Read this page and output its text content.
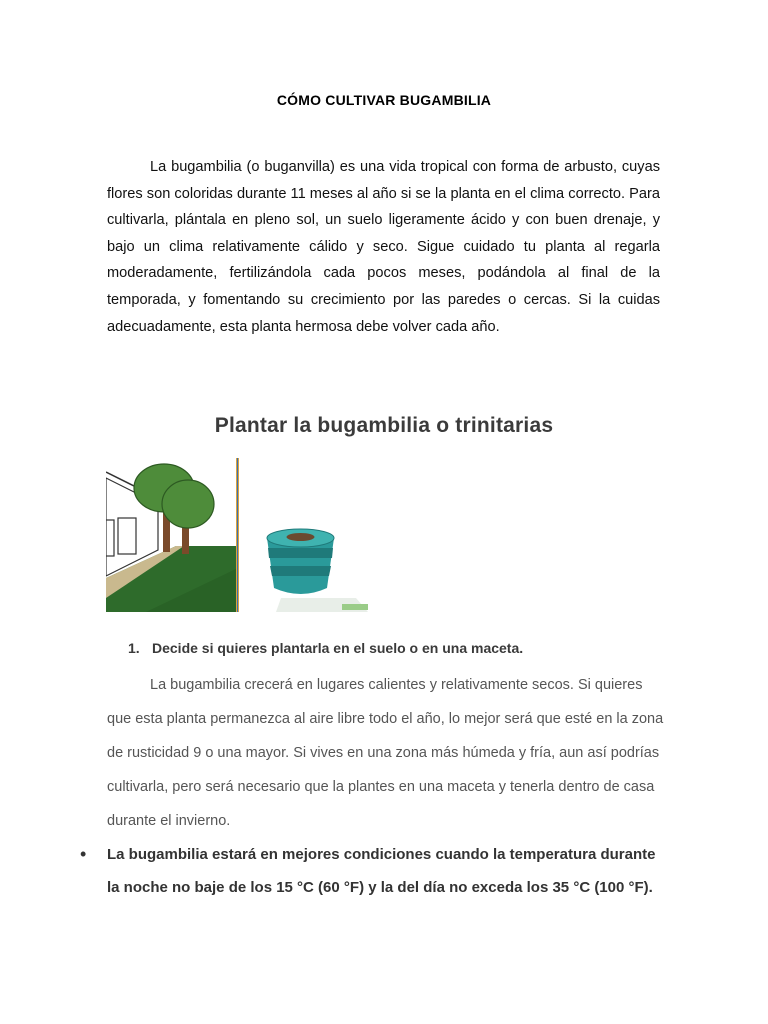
CÓMO CULTIVAR BUGAMBILIA

La bugambilia (o buganvilla) es una vida tropical con forma de arbusto, cuyas flores son coloridas durante 11 meses al año si se la planta en el clima correcto. Para cultivarla, plántala en pleno sol, un suelo ligeramente ácido y con buen drenaje, y bajo un clima relativamente cálido y seco. Sigue cuidado tu planta al regarla moderadamente, fertilizándola cada pocos meses, podándola al final de la temporada, y fomentando su crecimiento por las paredes o cercas. Si la cuidas adecuadamente, esta planta hermosa debe volver cada año.

Plantar la bugambilia o trinitarias
1. Decide si quieres plantarla en el suelo o en una maceta.

La bugambilia crecerá en lugares calientes y relativamente secos. Si quieres que esta planta permanezca al aire libre todo el año, lo mejor será que esté en la zona de rusticidad 9 o una mayor. Si vives en una zona más húmeda y fría, aun así podrías cultivarla, pero será necesario que la plantes en una maceta y tenerla dentro de casa durante el invierno.

• La bugambilia estará en mejores condiciones cuando la temperatura durante la noche no baje de los 15 °C (60 °F) y la del día no exceda los 35 °C (100 °F).
